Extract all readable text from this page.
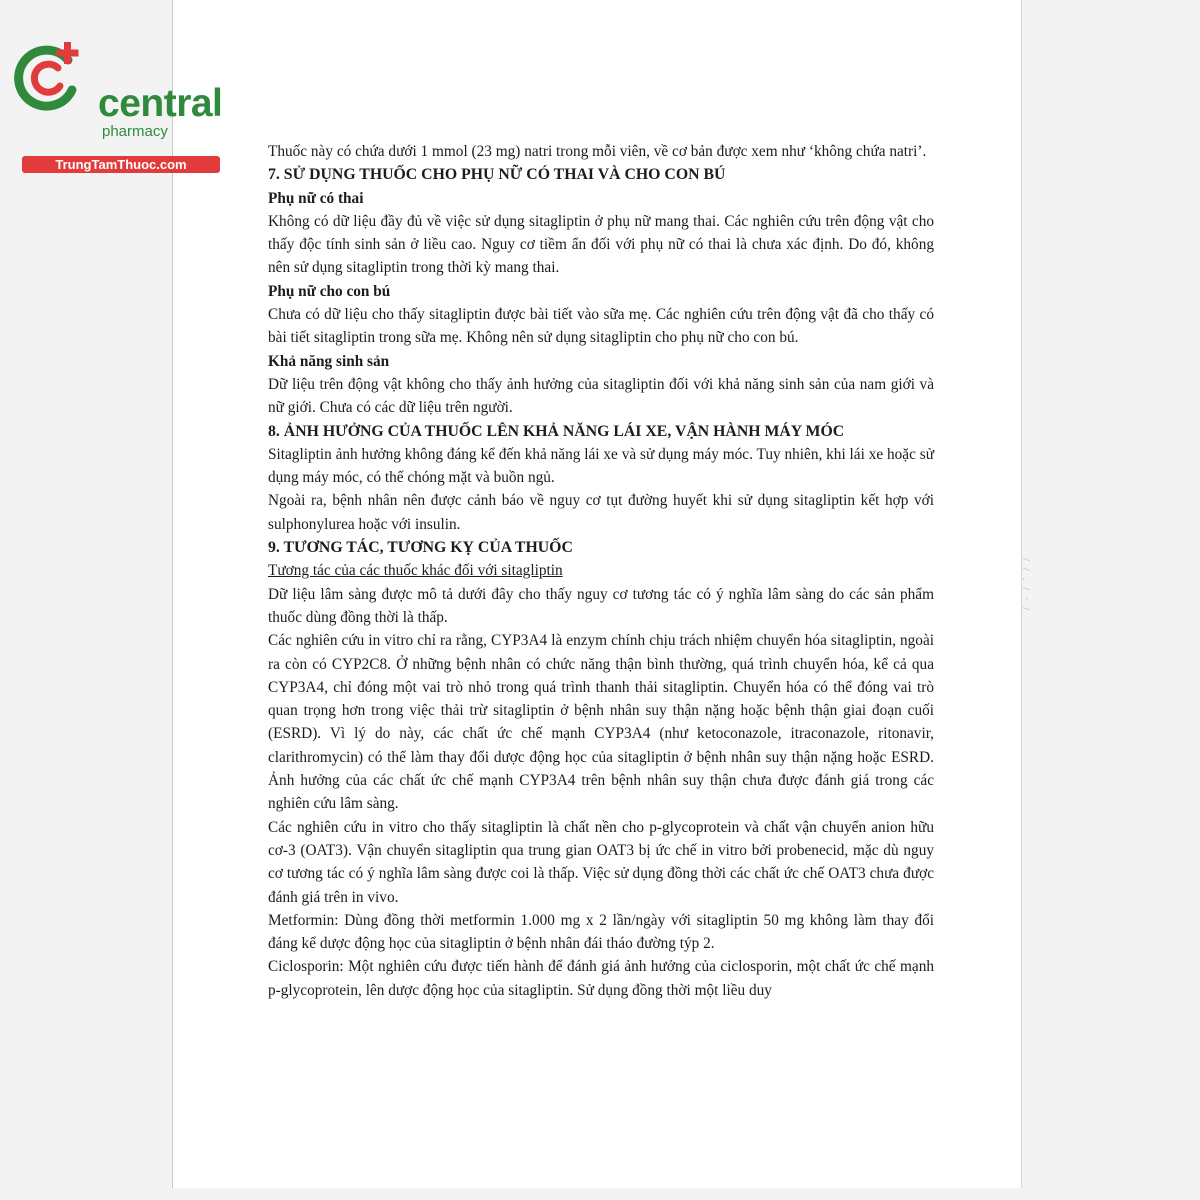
central
pharmacy
TrungTamThuoc.com

Thuốc này có chứa dưới 1 mmol (23 mg) natri trong mỗi viên, về cơ bản được xem như ‘không chứa natri’.

7. SỬ DỤNG THUỐC CHO PHỤ NỮ CÓ THAI VÀ CHO CON BÚ
Phụ nữ có thai

Không có dữ liệu đầy đủ về việc sử dụng sitagliptin ở phụ nữ mang thai. Các nghiên cứu trên động vật cho thấy độc tính sinh sản ở liều cao. Nguy cơ tiềm ẩn đối với phụ nữ có thai là chưa xác định. Do đó, không nên sử dụng sitagliptin trong thời kỳ mang thai.

Phụ nữ cho con bú

Chưa có dữ liệu cho thấy sitagliptin được bài tiết vào sữa mẹ. Các nghiên cứu trên động vật đã cho thấy có bài tiết sitagliptin trong sữa mẹ. Không nên sử dụng sitagliptin cho phụ nữ cho con bú.

Khả năng sinh sản

Dữ liệu trên động vật không cho thấy ảnh hưởng của sitagliptin đối với khả năng sinh sản của nam giới và nữ giới. Chưa có các dữ liệu trên người.

8. ẢNH HƯỞNG CỦA THUỐC LÊN KHẢ NĂNG LÁI XE, VẬN HÀNH MÁY MÓC

Sitagliptin ảnh hưởng không đáng kể đến khả năng lái xe và sử dụng máy móc. Tuy nhiên, khi lái xe hoặc sử dụng máy móc, có thể chóng mặt và buồn ngủ.

Ngoài ra, bệnh nhân nên được cảnh báo về nguy cơ tụt đường huyết khi sử dụng sitagliptin kết hợp với sulphonylurea hoặc với insulin.

9. TƯƠNG TÁC, TƯƠNG KỴ CỦA THUỐC
Tương tác của các thuốc khác đối với sitagliptin

Dữ liệu lâm sàng được mô tả dưới đây cho thấy nguy cơ tương tác có ý nghĩa lâm sàng do các sản phẩm thuốc dùng đồng thời là thấp.

Các nghiên cứu in vitro chỉ ra rằng, CYP3A4 là enzym chính chịu trách nhiệm chuyển hóa sitagliptin, ngoài ra còn có CYP2C8. Ở những bệnh nhân có chức năng thận bình thường, quá trình chuyển hóa, kể cả qua CYP3A4, chỉ đóng một vai trò nhỏ trong quá trình thanh thải sitagliptin. Chuyển hóa có thể đóng vai trò quan trọng hơn trong việc thải trừ sitagliptin ở bệnh nhân suy thận nặng hoặc bệnh thận giai đoạn cuối (ESRD). Vì lý do này, các chất ức chế mạnh CYP3A4 (như ketoconazole, itraconazole, ritonavir, clarithromycin) có thể làm thay đổi dược động học của sitagliptin ở bệnh nhân suy thận nặng hoặc ESRD. Ảnh hưởng của các chất ức chế mạnh CYP3A4 trên bệnh nhân suy thận chưa được đánh giá trong các nghiên cứu lâm sàng.

Các nghiên cứu in vitro cho thấy sitagliptin là chất nền cho p-glycoprotein và chất vận chuyển anion hữu cơ-3 (OAT3). Vận chuyển sitagliptin qua trung gian OAT3 bị ức chế in vitro bởi probenecid, mặc dù nguy cơ tương tác có ý nghĩa lâm sàng được coi là thấp. Việc sử dụng đồng thời các chất ức chế OAT3 chưa được đánh giá trên in vivo.

Metformin: Dùng đồng thời metformin 1.000 mg x 2 lần/ngày với sitagliptin 50 mg không làm thay đổi đáng kể dược động học của sitagliptin ở bệnh nhân đái tháo đường týp 2.

Ciclosporin: Một nghiên cứu được tiến hành để đánh giá ảnh hưởng của ciclosporin, một chất ức chế mạnh p-glycoprotein, lên dược động học của sitagliptin. Sử dụng đồng thời một liều duy

/ / . / · /
